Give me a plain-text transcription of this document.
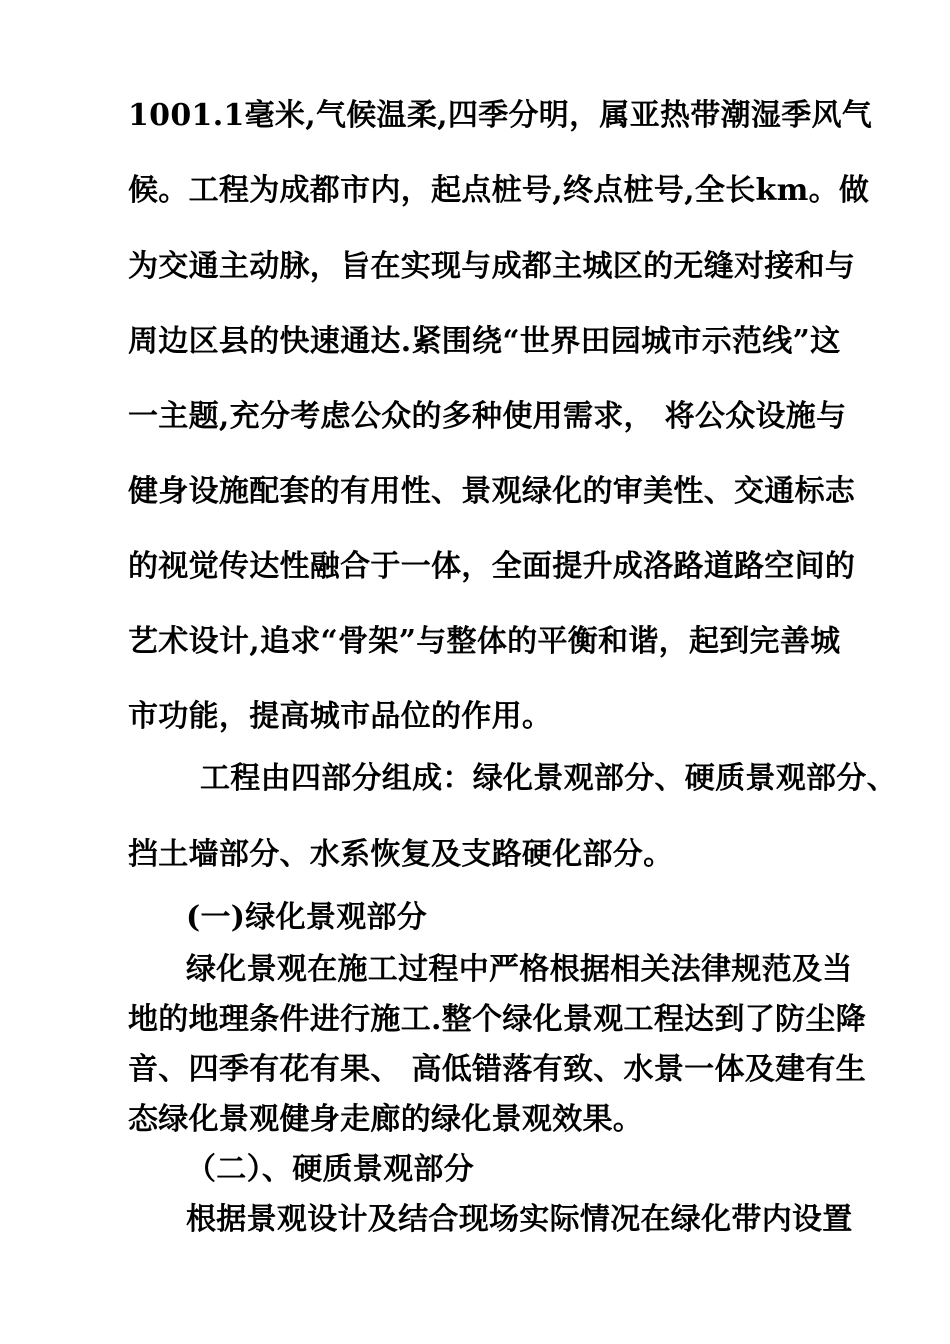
1001.1毫米,气候温柔,四季分明，属亚热带潮湿季风气
候。工程为成都市内，起点桩号,终点桩号,全长km。做
为交通主动脉，旨在实现与成都主城区的无缝对接和与
周边区县的快速通达.紧围绕“世界田园城市示范线”这
一主题,充分考虑公众的多种使用需求， 将公众设施与
健身设施配套的有用性、景观绿化的审美性、交通标志
的视觉传达性融合于一体，全面提升成洛路道路空间的
艺术设计,追求“骨架”与整体的平衡和谐，起到完善城
市功能，提高城市品位的作用。
工程由四部分组成：绿化景观部分、硬质景观部分、
挡土墙部分、水系恢复及支路硬化部分。
(一)绿化景观部分
绿化景观在施工过程中严格根据相关法律规范及当
地的地理条件进行施工.整个绿化景观工程达到了防尘降
音、四季有花有果、 高低错落有致、水景一体及建有生
态绿化景观健身走廊的绿化景观效果。
（二）、硬质景观部分
根据景观设计及结合现场实际情况在绿化带内设置
